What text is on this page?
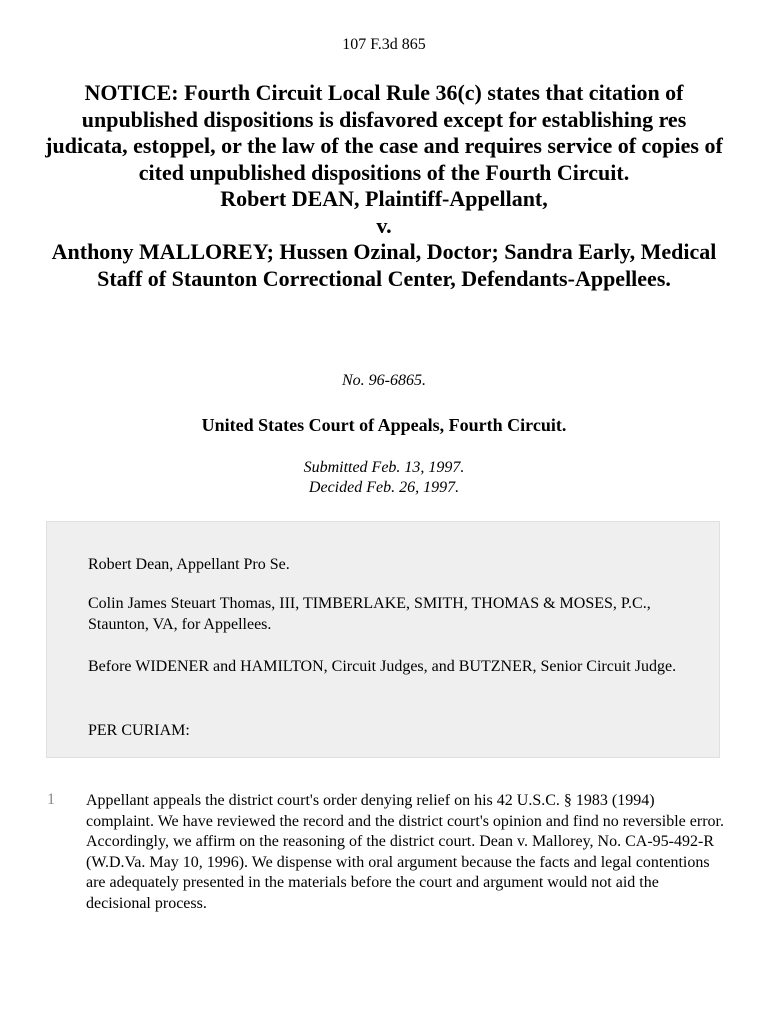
107 F.3d 865
NOTICE: Fourth Circuit Local Rule 36(c) states that citation of unpublished dispositions is disfavored except for establishing res judicata, estoppel, or the law of the case and requires service of copies of cited unpublished dispositions of the Fourth Circuit.
Robert DEAN, Plaintiff-Appellant,
v.
Anthony MALLOREY; Hussen Ozinal, Doctor; Sandra Early, Medical Staff of Staunton Correctional Center, Defendants-Appellees.
No. 96-6865.
United States Court of Appeals, Fourth Circuit.
Submitted Feb. 13, 1997.
Decided Feb. 26, 1997.

Robert Dean, Appellant Pro Se.

Colin James Steuart Thomas, III, TIMBERLAKE, SMITH, THOMAS & MOSES, P.C., Staunton, VA, for Appellees.

Before WIDENER and HAMILTON, Circuit Judges, and BUTZNER, Senior Circuit Judge.

PER CURIAM:

1 Appellant appeals the district court's order denying relief on his 42 U.S.C. § 1983 (1994) complaint. We have reviewed the record and the district court's opinion and find no reversible error. Accordingly, we affirm on the reasoning of the district court. Dean v. Mallorey, No. CA-95-492-R (W.D.Va. May 10, 1996). We dispense with oral argument because the facts and legal contentions are adequately presented in the materials before the court and argument would not aid the decisional process.
